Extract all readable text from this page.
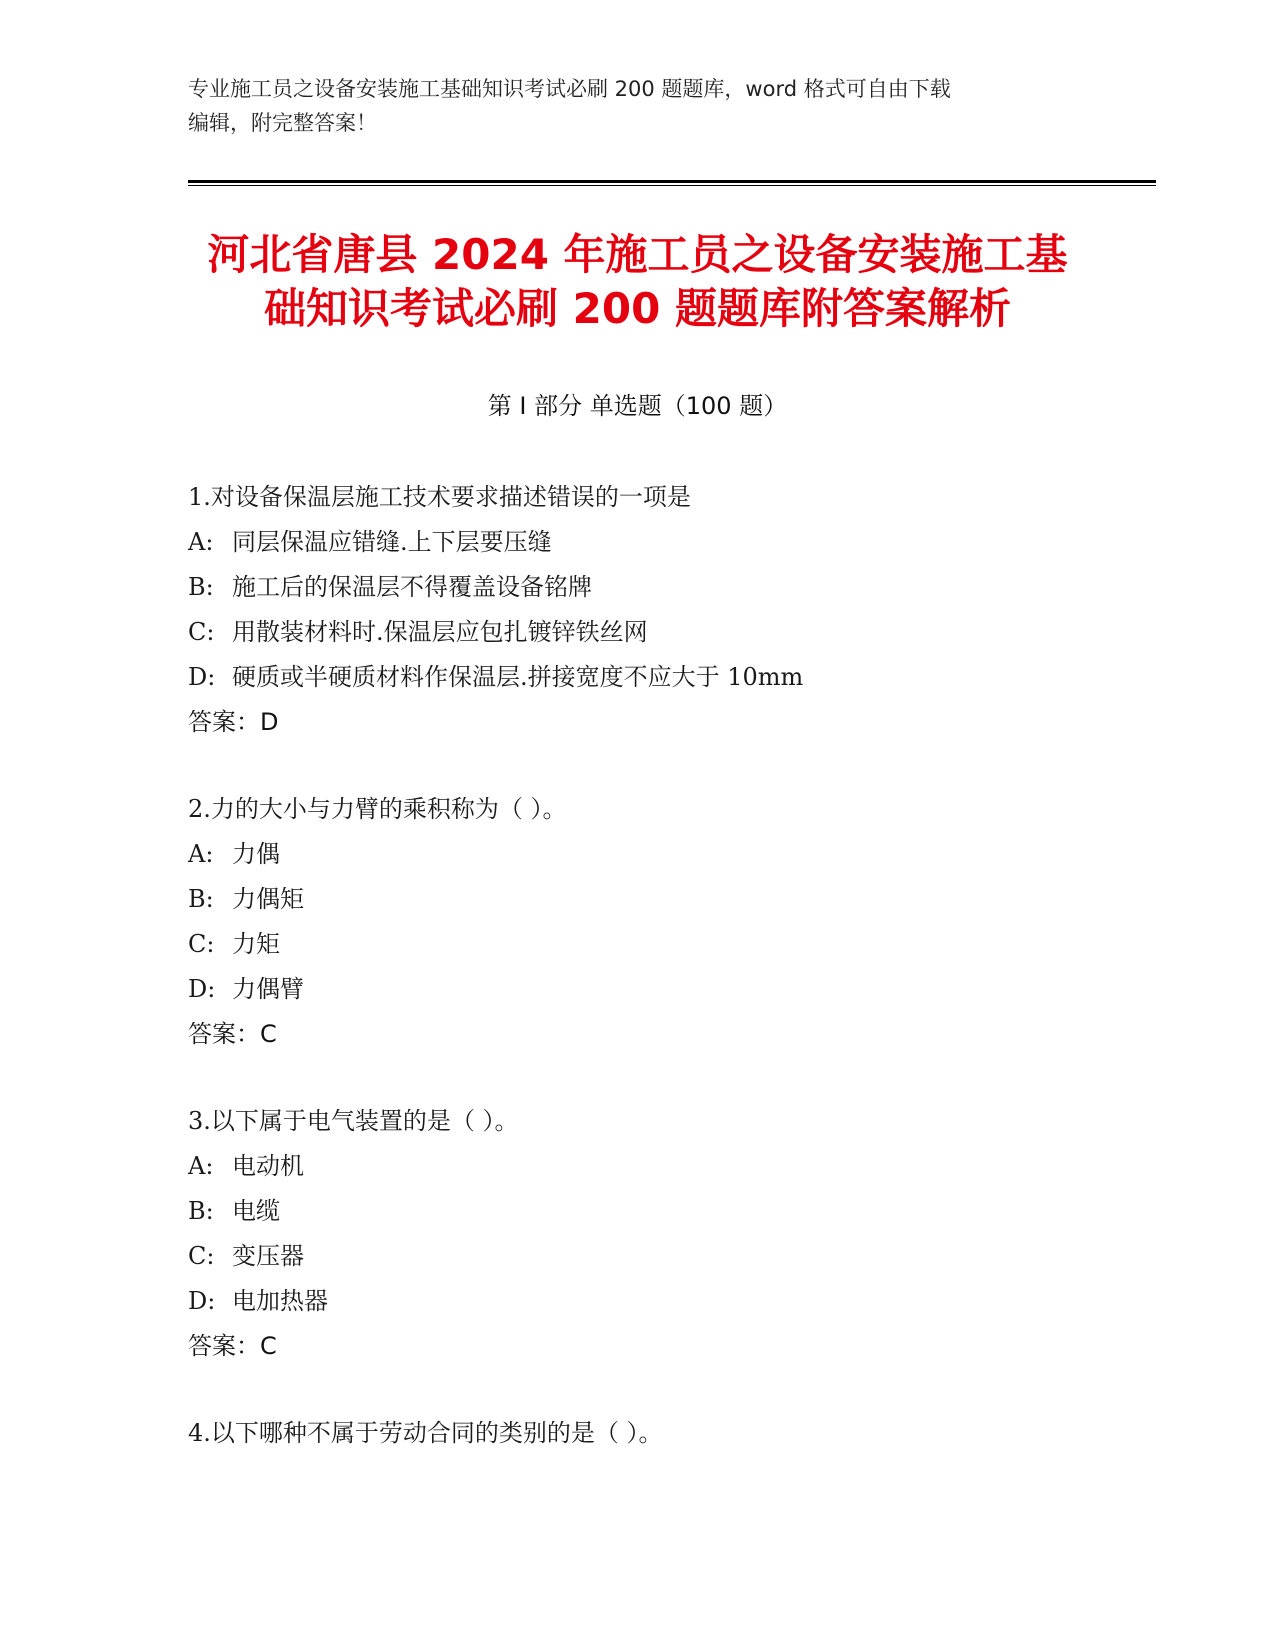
专业施工员之设备安装施工基础知识考试必刷 200 题题库，word 格式可自由下载
编辑，附完整答案！
河北省唐县 2024 年施工员之设备安装施工基
础知识考试必刷 200 题题库附答案解析
第 I 部分 单选题（100 题）
1.对设备保温层施工技术要求描述错误的一项是
A: 同层保温应错缝.上下层要压缝
B: 施工后的保温层不得覆盖设备铭牌
C: 用散装材料时.保温层应包扎镀锌铁丝网
D: 硬质或半硬质材料作保温层.拼接宽度不应大于 10mm
答案：D
2.力的大小与力臂的乘积称为（ ）。
A: 力偶
B: 力偶矩
C: 力矩
D: 力偶臂
答案：C
3.以下属于电气装置的是（ ）。
A: 电动机
B: 电缆
C: 变压器
D: 电加热器
答案：C
4.以下哪种不属于劳动合同的类别的是（ ）。
